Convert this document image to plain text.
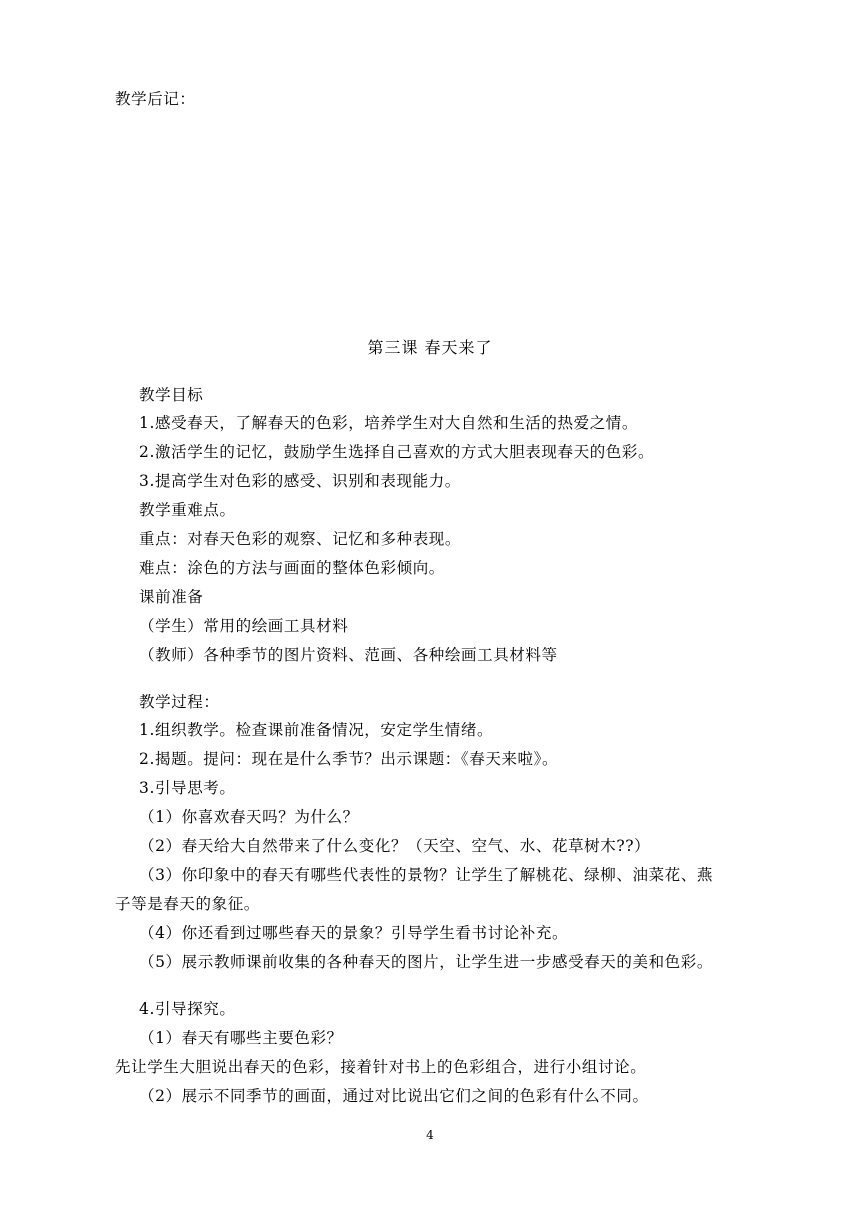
教学后记：
第三课 春天来了
教学目标
1.感受春天，了解春天的色彩，培养学生对大自然和生活的热爱之情。
2.激活学生的记忆，鼓励学生选择自己喜欢的方式大胆表现春天的色彩。
3.提高学生对色彩的感受、识别和表现能力。
教学重难点。
重点：对春天色彩的观察、记忆和多种表现。
难点：涂色的方法与画面的整体色彩倾向。
课前准备
（学生）常用的绘画工具材料
（教师）各种季节的图片资料、范画、各种绘画工具材料等
教学过程：
1.组织教学。检查课前准备情况，安定学生情绪。
2.揭题。提问：现在是什么季节？出示课题：《春天来啦》。
3.引导思考。
（1）你喜欢春天吗？为什么？
（2）春天给大自然带来了什么变化？（天空、空气、水、花草树木??）
（3）你印象中的春天有哪些代表性的景物？让学生了解桃花、绿柳、油菜花、燕
子等是春天的象征。
（4）你还看到过哪些春天的景象？引导学生看书讨论补充。
（5）展示教师课前收集的各种春天的图片，让学生进一步感受春天的美和色彩。
4.引导探究。
（1）春天有哪些主要色彩？
先让学生大胆说出春天的色彩，接着针对书上的色彩组合，进行小组讨论。
（2）展示不同季节的画面，通过对比说出它们之间的色彩有什么不同。
4
